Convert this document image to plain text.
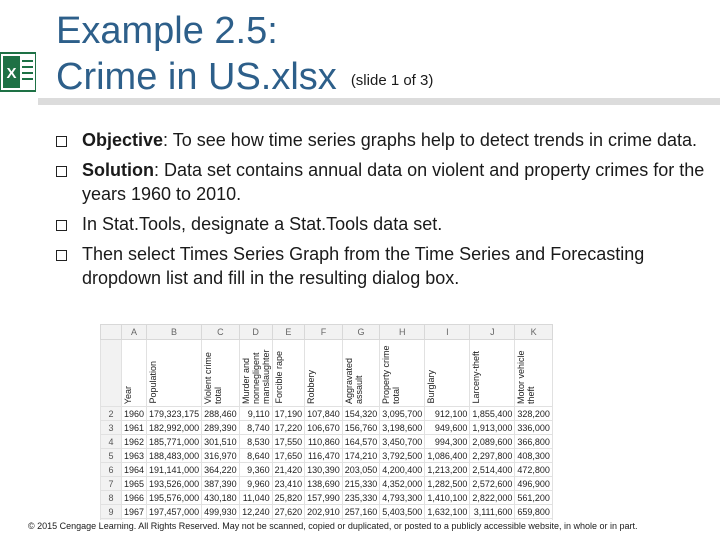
Example 2.5:
Crime in US.xlsx (slide 1 of 3)
X
Objective: To see how time series graphs help to detect trends in crime data.
Solution: Data set contains annual data on violent and property crimes for the years 1960 to 2010.
In Stat.Tools, designate a Stat.Tools data set.
Then select Times Series Graph from the Time Series and Forecasting dropdown list and fill in the resulting dialog box.
	A	B	C	D	E	F	G	H	I	J	K

	Year	Population	Violent crime total	Murder and nonnegligent manslaughter	Forcible rape	Robbery	Aggravated assault	Property crime total	Burglary	Larceny-theft	Motor vehicle theft

2	1960	179,323,175	288,460	9,110	17,190	107,840	154,320	3,095,700	912,100	1,855,400	328,200
3	1961	182,992,000	289,390	8,740	17,220	106,670	156,760	3,198,600	949,600	1,913,000	336,000
4	1962	185,771,000	301,510	8,530	17,550	110,860	164,570	3,450,700	994,300	2,089,600	366,800
5	1963	188,483,000	316,970	8,640	17,650	116,470	174,210	3,792,500	1,086,400	2,297,800	408,300
6	1964	191,141,000	364,220	9,360	21,420	130,390	203,050	4,200,400	1,213,200	2,514,400	472,800
7	1965	193,526,000	387,390	9,960	23,410	138,690	215,330	4,352,000	1,282,500	2,572,600	496,900
8	1966	195,576,000	430,180	11,040	25,820	157,990	235,330	4,793,300	1,410,100	2,822,000	561,200
9	1967	197,457,000	499,930	12,240	27,620	202,910	257,160	5,403,500	1,632,100	3,111,600	659,800

© 2015 Cengage Learning. All Rights Reserved. May not be scanned, copied or duplicated, or posted to a publicly accessible website, in whole or in part.
